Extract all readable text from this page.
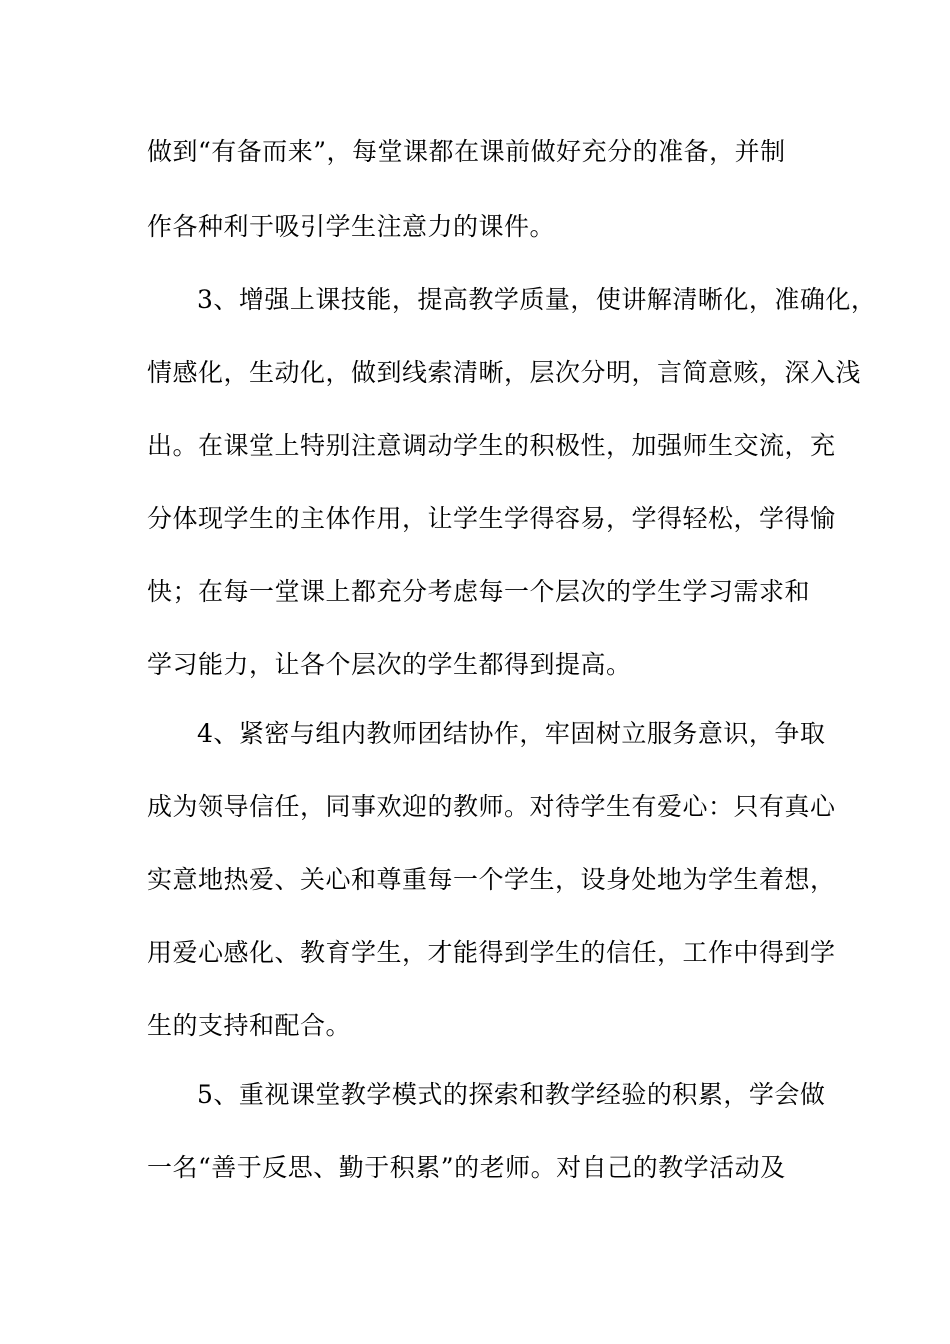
做到“有备而来”，每堂课都在课前做好充分的准备，并制
作各种利于吸引学生注意力的课件。
3、增强上课技能，提高教学质量，使讲解清晰化，准确化，
情感化，生动化，做到线索清晰，层次分明，言简意赅，深入浅
出。在课堂上特别注意调动学生的积极性，加强师生交流，充
分体现学生的主体作用，让学生学得容易，学得轻松，学得愉
快；在每一堂课上都充分考虑每一个层次的学生学习需求和
学习能力，让各个层次的学生都得到提高。
4、紧密与组内教师团结协作，牢固树立服务意识，争取
成为领导信任，同事欢迎的教师。对待学生有爱心：只有真心
实意地热爱、关心和尊重每一个学生，设身处地为学生着想，
用爱心感化、教育学生，才能得到学生的信任，工作中得到学
生的支持和配合。
5、重视课堂教学模式的探索和教学经验的积累，学会做
一名“善于反思、勤于积累”的老师。对自己的教学活动及
